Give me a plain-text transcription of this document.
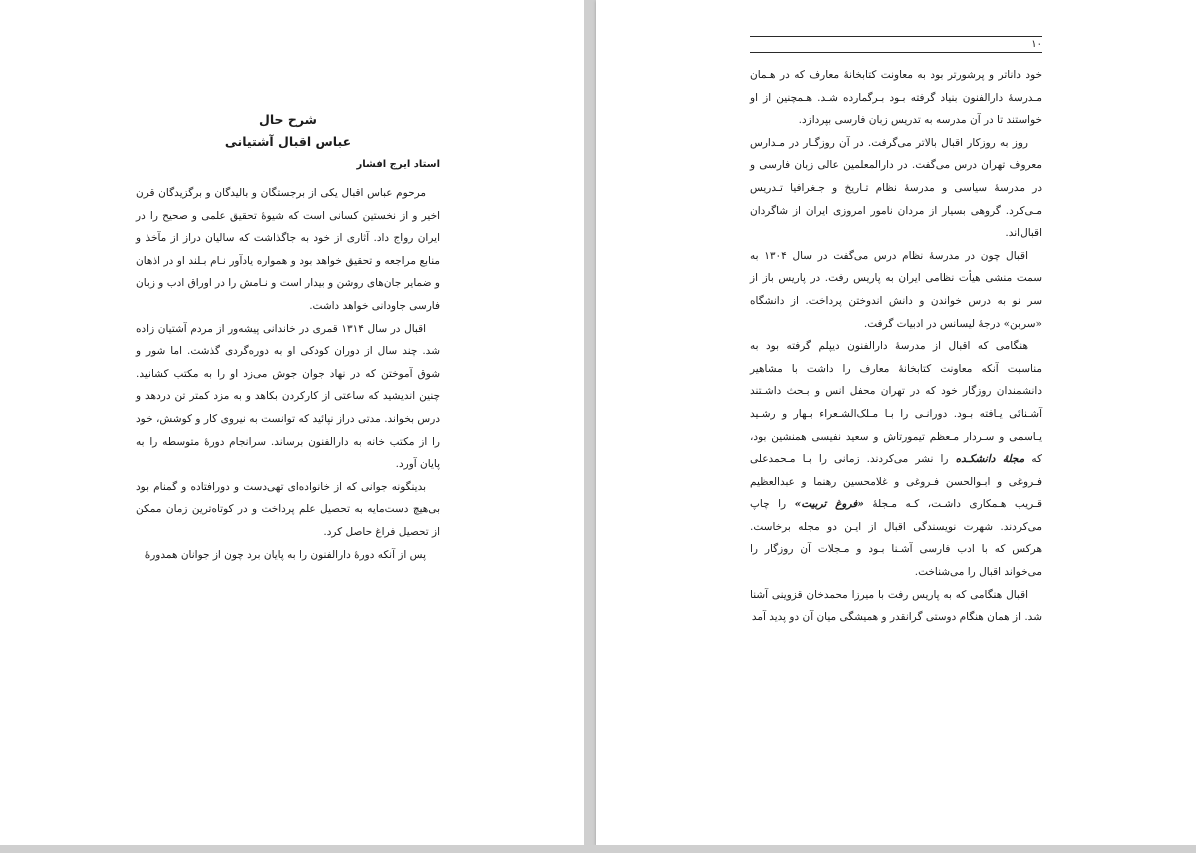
شرح حال

عباس اقبال آشتیانی

استاد ایرج افشار

مرحوم عباس اقبال یکی از برجستگان و بالیدگان و برگزیدگان قرن اخیر و از نخستین کسانی است که شیوهٔ تحقیق علمی و صحیح را در ایران رواج داد. آثاری از خود به جاگذاشت که سالیان دراز از مآخذ و منابع مراجعه و تحقیق خواهد بود و همواره یادآور نـام بـلند او در اذهان و ضمایر جان‌های روشن و بیدار است و نـامش را در اوراق ادب و زبان فارسی جاودانی خواهد داشت.

اقبال در سال ۱۳۱۴ قمری در خاندانی پیشه‌ور از مردم آشتیان زاده شد. چند سال از دوران کودکی او به دوره‌گردی گذشت. اما شور و شوق آموختن که در نهاد جوان جوش می‌زد او را به مکتب کشانید. چنین اندیشید که ساعتی از کارکردن بکاهد و به مزد کمتر تن دردهد و درس بخواند. مدتی دراز نپائید که توانست به نیروی کار و کوشش، خود را از مکتب خانه به دارالفنون برساند. سرانجام دورهٔ متوسطه را به پایان آورد.

بدینگونه جوانی که از خانواده‌ای تهی‌دست و دورافتاده و گمنام بود بی‌هیچ دست‌مایه به تحصیل علم پرداخت و در کوتاه‌ترین زمان ممکن از تحصیل فراغ حاصل کرد.

پس از آنکه دورهٔ دارالفنون را به پایان برد چون از جوانان همدورهٔ

۱۰

خود داناتر و پرشورتر بود به معاونت کتابخانهٔ معارف که در هـمان مـدرسهٔ دارالفنون بنیاد گرفته بـود بـرگمارده شـد. هـمچنین از او خواستند تا در آن مدرسه به تدریس زبان فارسی بپردازد.

روز به روزکار اقبال بالاتر می‌گرفت. در آن روزگـار در مـدارس معروف تهران درس می‌گفت. در دارالمعلمین عالی زبان فارسی و در مدرسهٔ سیاسی و مدرسهٔ نظام تـاریخ و جـغرافیا تـدریس مـی‌کرد. گروهی بسیار از مردان نامور امروزی ایران از شاگردان اقبال‌اند.

اقبال چون در مدرسهٔ نظام درس می‌گفت در سال ۱۳۰۴ به سمت منشی هیأت نظامی ایران به پاریس رفت. در پاریس باز از سر نو به درس خواندن و دانش اندوختن پرداخت. از دانشگاه «سربن» درجهٔ لیسانس در ادبیات گرفت.

هنگامی که اقبال از مدرسهٔ دارالفنون دیپلم گرفته بود به مناسبت آنکه معاونت کتابخانهٔ معارف را داشت با مشاهیر دانشمندان روزگار خود که در تهران محفل انس و بـحث داشـتند آشـنائی یـافته بـود. دورانـی را بـا مـلک‌الشـعراء بـهار و رشـید یـاسمی و سـردار مـعظم تیمورتاش و سعید نفیسی همنشین بود، که مجلهٔ دانشکـده را نشر می‌کردند. زمانی را بـا مـحمدعلی فـروغی و ابـوالحسن فـروغی و غلامحسین رهنما و عبدالعظیم قـریب هـمکاری داشـت، کـه مـجلهٔ «فروغ تربیت» را چاپ می‌کردند. شهرت نویسندگی اقبال از ایـن دو مجله برخاست. هرکس که با ادب فارسی آشـنا بـود و مـجلات آن روزگار را می‌خواند اقبال را می‌شناخت.

اقبال هنگامی که به پاریس رفت با میرزا محمدخان قزوینی آشنا شد. از همان هنگام دوستی گرانقدر و همیشگی میان آن دو پدید آمد
